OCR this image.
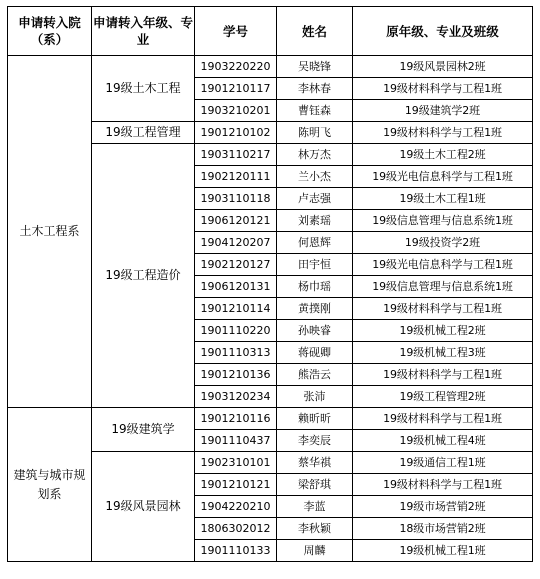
申请转入院（系）	申请转入年级、专业	学号	姓名	原年级、专业及班级
土木工程系	19级土木工程	1903220220	吴晓锋	19级风景园林2班
		1901210117	李林春	19级材料科学与工程1班
		1903210201	曹钰森	19级建筑学2班
	19级工程管理	1901210102	陈明飞	19级材料科学与工程1班
	19级工程造价	1903110217	林万杰	19级土木工程2班
		1902120111	兰小杰	19级光电信息科学与工程1班
		1903110118	卢志强	19级土木工程1班
		1906120121	刘素瑶	19级信息管理与信息系统1班
		1904120207	何恩辉	19级投资学2班
		1902120127	田宇恒	19级光电信息科学与工程1班
		1906120131	杨巾瑶	19级信息管理与信息系统1班
		1901210114	黄撲刚	19级材料科学与工程1班
		1901110220	孙映睿	19级机械工程2班
		1901110313	蒋砚卿	19级机械工程3班
		1901210136	熊浩云	19级材料科学与工程1班
		1903120234	张沛	19级工程管理2班
建筑与城市规划系	19级建筑学	1901210116	赖昕昕	19级材料科学与工程1班
		1901110437	李奕辰	19级机械工程4班
	19级风景园林	1902310101	蔡华祺	19级通信工程1班
		1901210121	梁舒琪	19级材料科学与工程1班
		1904220210	李蓝	19级市场营销2班
		1806302012	李秋颖	18级市场营销2班
		1901110133	周麟	19级机械工程1班
